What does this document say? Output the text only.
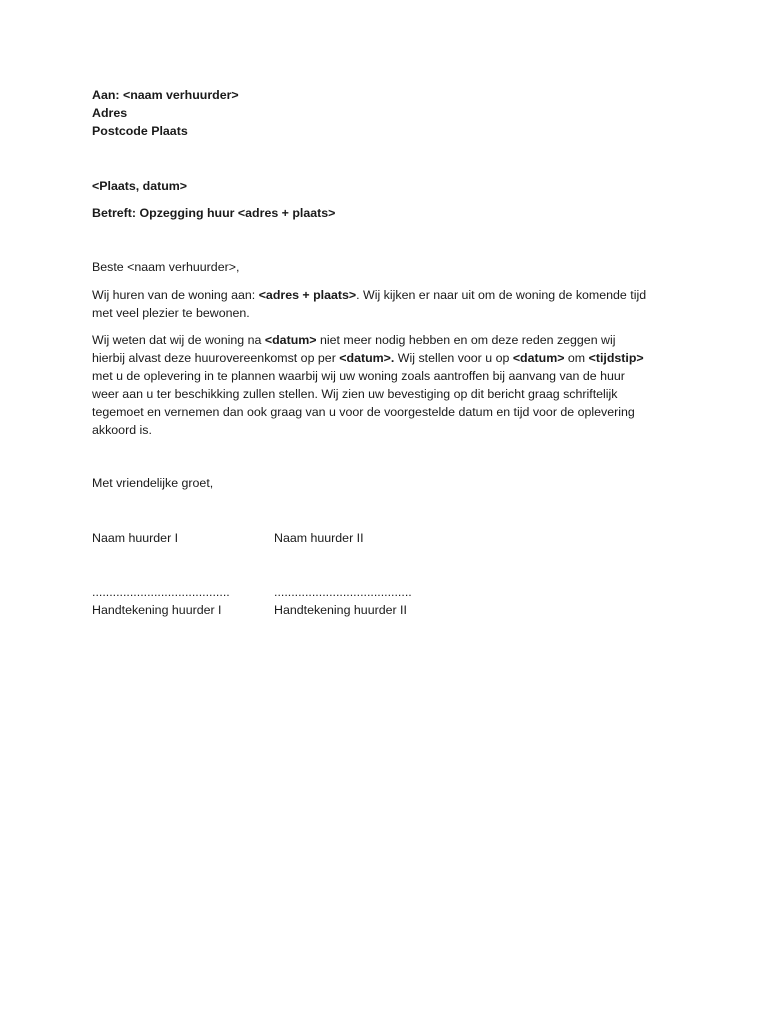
Aan: <naam verhuurder>
Adres
Postcode Plaats
<Plaats, datum>
Betreft: Opzegging huur <adres + plaats>
Beste <naam verhuurder>,
Wij huren van de woning aan: <adres + plaats>. Wij kijken er naar uit om de woning de komende tijd
met veel plezier te bewonen.
Wij weten dat wij de woning na <datum> niet meer nodig hebben en om deze reden zeggen wij
hierbij alvast deze huurovereenkomst op per <datum>. Wij stellen voor u op <datum> om <tijdstip>
met u de oplevering in te plannen waarbij wij uw woning zoals aantroffen bij aanvang van de huur
weer aan u ter beschikking zullen stellen. Wij zien uw bevestiging op dit bericht graag schriftelijk
tegemoet en vernemen dan ook graag van u voor de voorgestelde datum en tijd voor de oplevering
akkoord is.
Met vriendelijke groet,
Naam huurder I	Naam huurder II
........................................	........................................
Handtekening huurder I	Handtekening huurder II
